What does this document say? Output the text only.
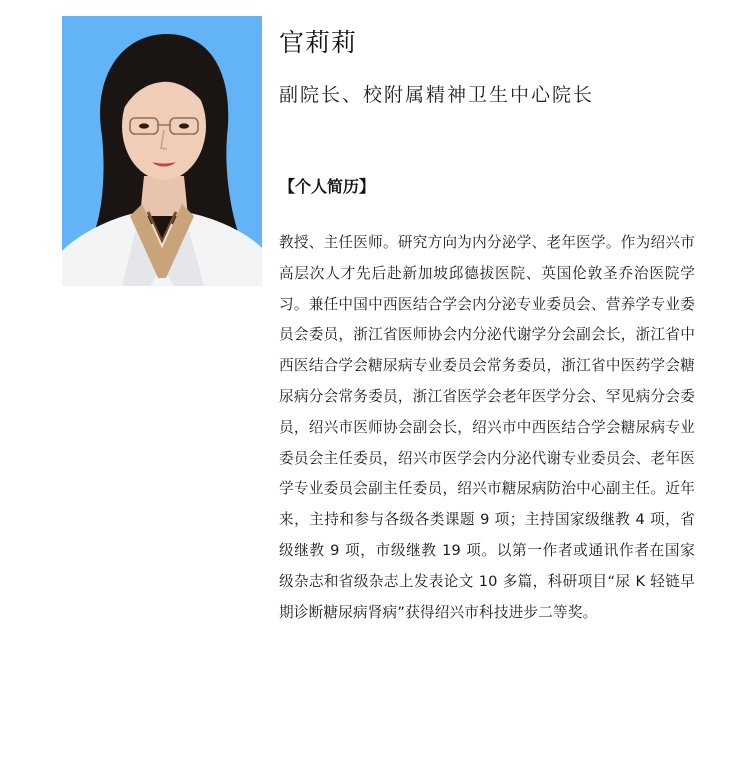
官莉莉
副院长、校附属精神卫生中心院长
【个人简历】

教授、主任医师。研究方向为内分泌学、老年医学。作为绍兴市高层次人才先后赴新加坡邱德拔医院、英国伦敦圣乔治医院学习。兼任中国中西医结合学会内分泌专业委员会、营养学专业委员会委员，浙江省医师协会内分泌代谢学分会副会长，浙江省中西医结合学会糖尿病专业委员会常务委员，浙江省中医药学会糖尿病分会常务委员，浙江省医学会老年医学分会、罕见病分会委员，绍兴市医师协会副会长，绍兴市中西医结合学会糖尿病专业委员会主任委员，绍兴市医学会内分泌代谢专业委员会、老年医学专业委员会副主任委员，绍兴市糖尿病防治中心副主任。近年来，主持和参与各级各类课题 9 项；主持国家级继教 4 项，省级继教 9 项，市级继教 19 项。以第一作者或通讯作者在国家级杂志和省级杂志上发表论文 10 多篇，科研项目“尿 K 轻链早期诊断糖尿病肾病”获得绍兴市科技进步二等奖。
